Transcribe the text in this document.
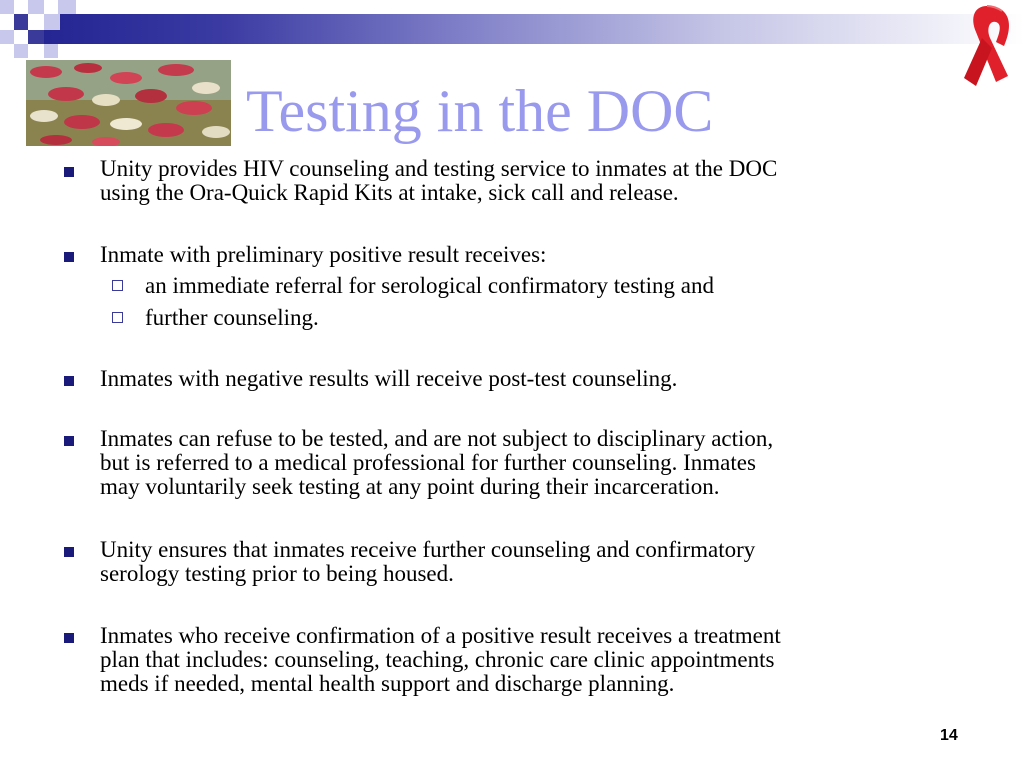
Testing in the DOC
Unity provides HIV counseling and testing service to inmates at the DOC
using the Ora-Quick Rapid Kits at intake, sick call and release.
Inmate with preliminary positive result receives:
an immediate referral for serological confirmatory testing and
further counseling.
Inmates with negative results will receive post-test counseling.
Inmates can refuse to be tested, and are not subject to disciplinary action,
but is referred to a medical professional for further counseling. Inmates
may voluntarily seek testing at any point during their incarceration.
Unity ensures that inmates receive further counseling and confirmatory
serology testing prior to being housed.
Inmates who receive confirmation of a positive result receives a treatment
plan that includes: counseling, teaching, chronic care clinic appointments
meds if needed, mental health support and discharge planning.
14
